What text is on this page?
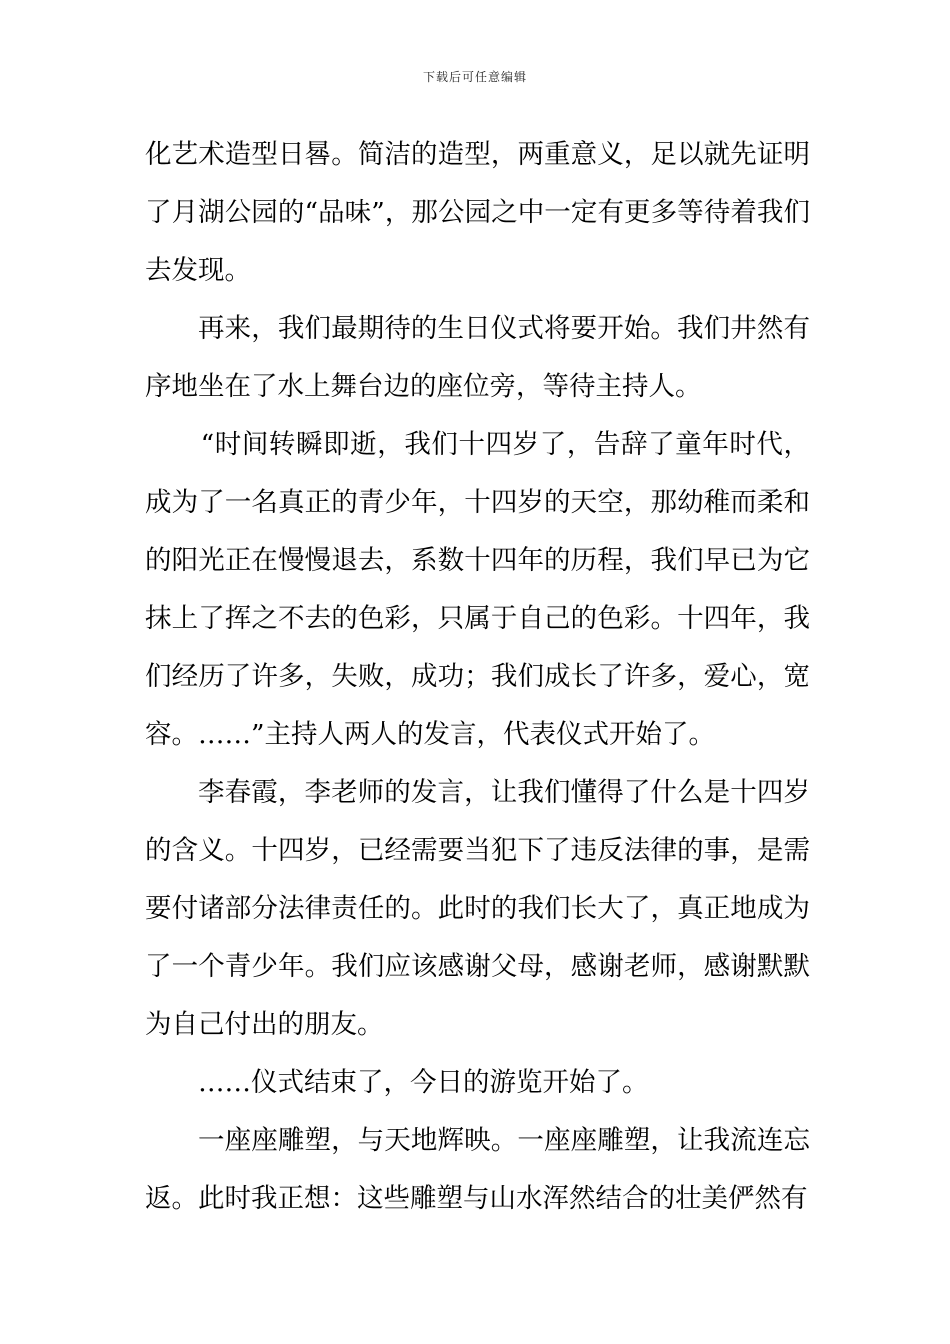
下载后可任意编辑

化艺术造型日晷。简洁的造型，两重意义，足以就先证明了月湖公园的“品味”，那公园之中一定有更多等待着我们去发现。

再来，我们最期待的生日仪式将要开始。我们井然有序地坐在了水上舞台边的座位旁，等待主持人。

“时间转瞬即逝，我们十四岁了，告辞了童年时代，成为了一名真正的青少年，十四岁的天空，那幼稚而柔和的阳光正在慢慢退去，系数十四年的历程，我们早已为它抹上了挥之不去的色彩，只属于自己的色彩。十四年，我们经历了许多，失败，成功；我们成长了许多，爱心，宽容。……”主持人两人的发言，代表仪式开始了。

李春霞，李老师的发言，让我们懂得了什么是十四岁的含义。十四岁，已经需要当犯下了违反法律的事，是需要付诸部分法律责任的。此时的我们长大了，真正地成为了一个青少年。我们应该感谢父母，感谢老师，感谢默默为自己付出的朋友。

……仪式结束了，今日的游览开始了。

一座座雕塑，与天地辉映。一座座雕塑，让我流连忘返。此时我正想：这些雕塑与山水浑然结合的壮美俨然有
